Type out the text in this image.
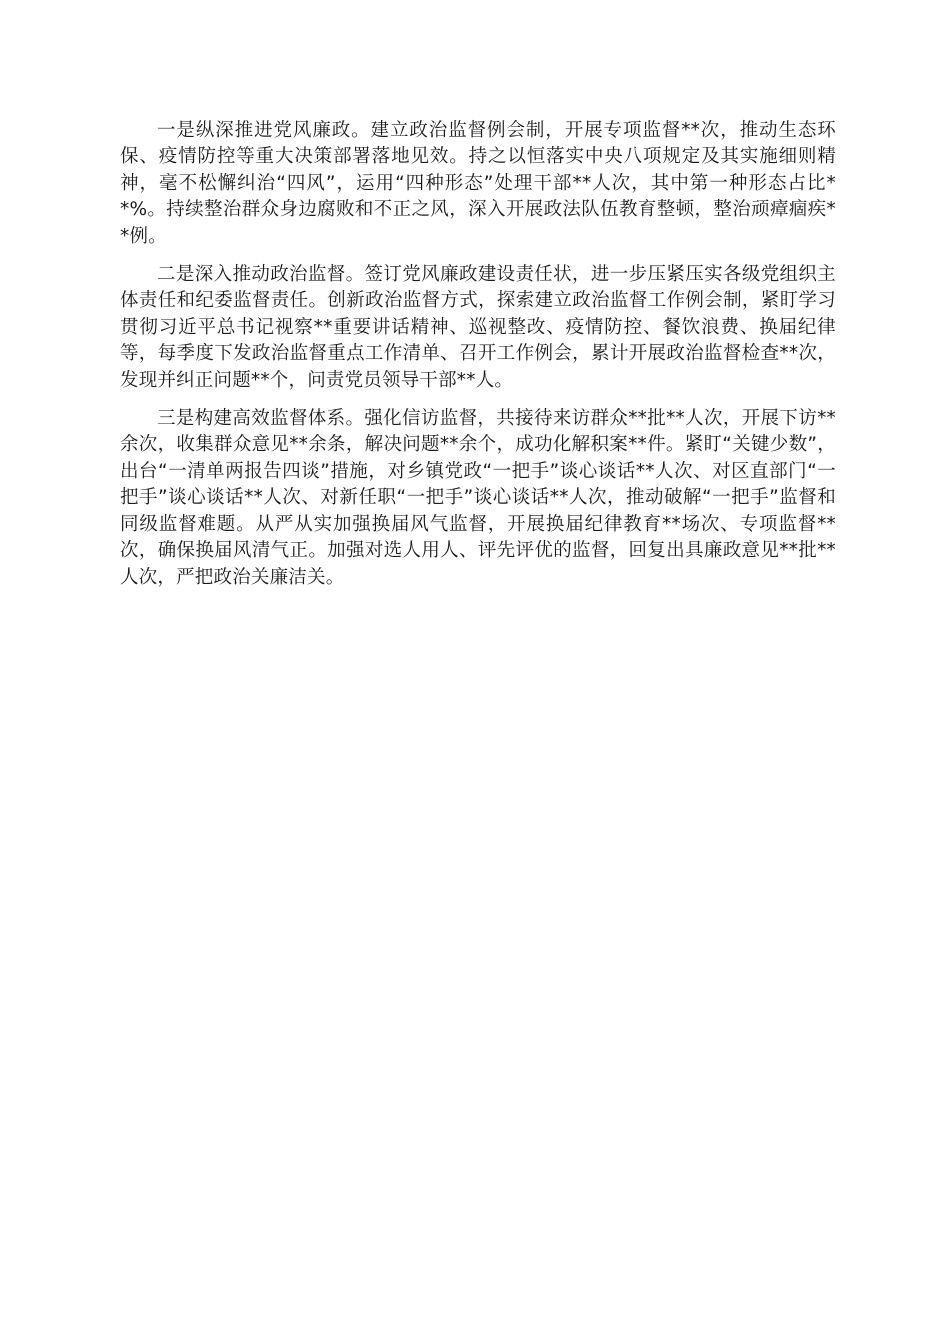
一是纵深推进党风廉政。建立政治监督例会制，开展专项监督**次，推动生态环保、疫情防控等重大决策部署落地见效。持之以恒落实中央八项规定及其实施细则精神，毫不松懈纠治“四风”，运用“四种形态”处理干部**人次，其中第一种形态占比**%。持续整治群众身边腐败和不正之风，深入开展政法队伍教育整顿，整治顽瘴痼疾**例。

二是深入推动政治监督。签订党风廉政建设责任状，进一步压紧压实各级党组织主体责任和纪委监督责任。创新政治监督方式，探索建立政治监督工作例会制，紧盯学习贯彻习近平总书记视察**重要讲话精神、巡视整改、疫情防控、餐饮浪费、换届纪律等，每季度下发政治监督重点工作清单、召开工作例会，累计开展政治监督检查**次，发现并纠正问题**个，问责党员领导干部**人。

三是构建高效监督体系。强化信访监督，共接待来访群众**批**人次，开展下访**余次，收集群众意见**余条，解决问题**余个，成功化解积案**件。紧盯“关键少数”，出台“一清单两报告四谈”措施，对乡镇党政“一把手”谈心谈话**人次、对区直部门“一把手”谈心谈话**人次、对新任职“一把手”谈心谈话**人次，推动破解“一把手”监督和同级监督难题。从严从实加强换届风气监督，开展换届纪律教育**场次、专项监督**次，确保换届风清气正。加强对选人用人、评先评优的监督，回复出具廉政意见**批**人次，严把政治关廉洁关。
